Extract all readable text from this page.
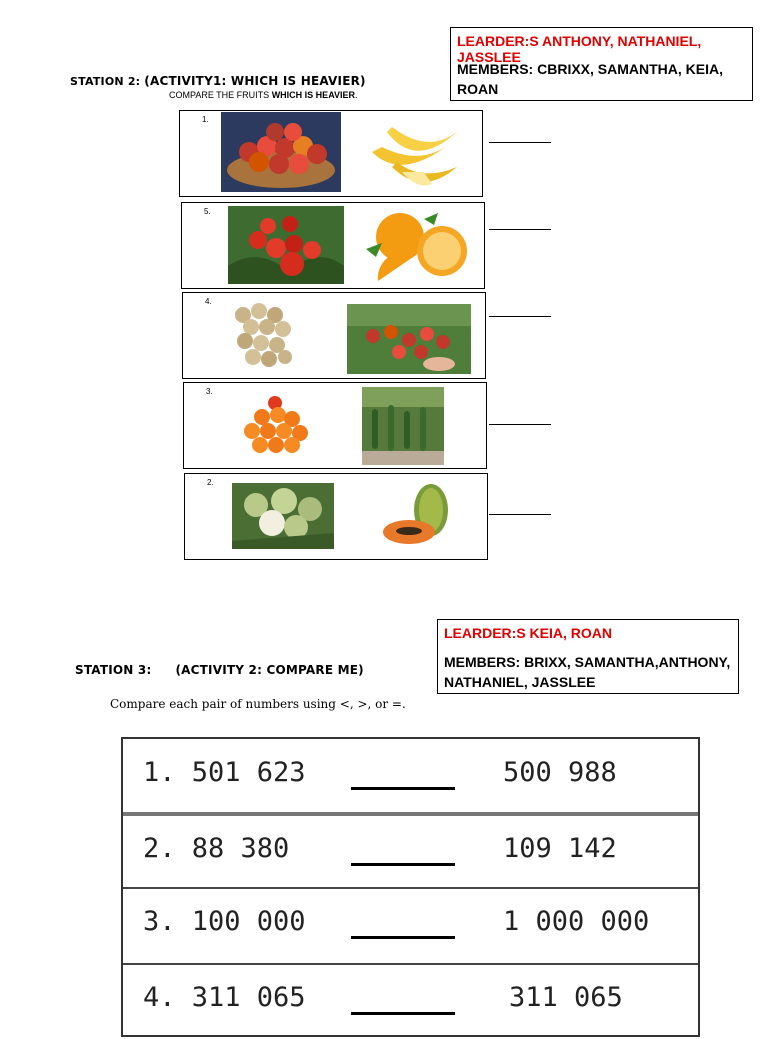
LEARDER:S ANTHONY, NATHANIEL, JASSLEE
MEMBERS: CBRIXX, SAMANTHA, KEIA, ROAN
STATION 2: (ACTIVITY1: WHICH IS HEAVIER)
COMPARE THE FRUITS WHICH IS HEAVIER.
1.
5.
4.
3.
2.
LEARDER:S KEIA, ROAN
MEMBERS: BRIXX, SAMANTHA,ANTHONY, NATHANIEL, JASSLEE
STATION 3: (ACTIVITY 2: COMPARE ME)
Compare each pair of numbers using <, >, or =.
1. 501 623	500 988
2. 88 380	109 142
3. 100 000	1 000 000
4. 311 065	311 065
